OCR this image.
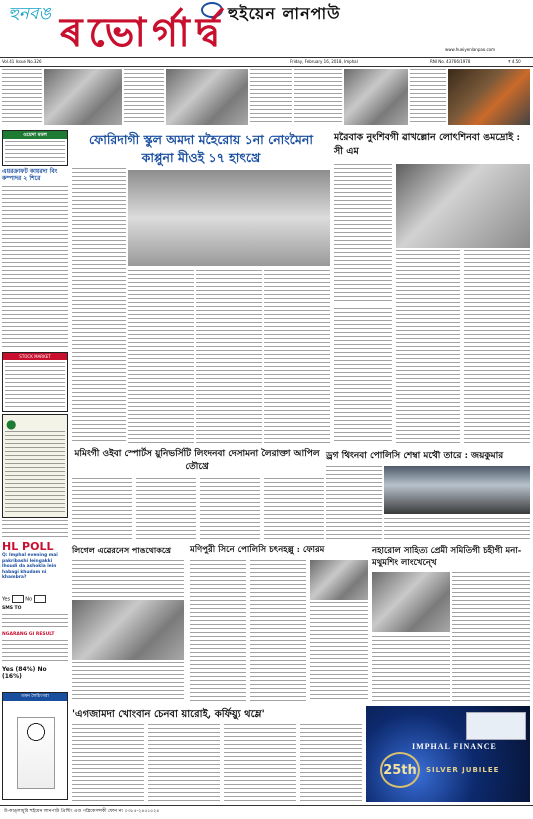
হুনবঙ	হুইয়েন লানপাউ
ৰভোৰ্গাৰ্দ্ব
Vol.41 Issue No.326	Friday, February 16, 2018, Imphal	RNI No. 43766/1978	₹ 4.50
www.hueiyenlanpao.com
ওয়েদা মমল
এয়রক্রাফট কায়রদা বিং কম্পাদর ২ শিরে
STOCK MARKET
●
HL POLL
Q: Imphal evening mai pakribashi leingakki lhoudi da ashokla lein habagi khudam ni khambra?
Yes	No
SMS TO
NGARANG GI RESULT
Yes (84%) No (16%)
তমন লৈচিংগরা
ফোরিদাগী স্কুল অমদা মহৈরোয় ১না নোংমৈনা কাপ্পুনা মীওই ১৭ হাৎখ্রে
মরৈবাক নুংশিবগী ৱাখল্লোন লোৎশিনবা ঙমদ্রোই : সী এম
মমিংগী ওইবা স্পোর্টস য়ুনিভর্সিটি লিংদনবা দেসামনা লৈরাক্তা আপিল তৌখ্রে
ড্রগ থিংনবা পোলিসি শেম্বা মথৌ তারে : জয়কুমার
লিগেল এৱেরনেস পাঙথোকখ্রে	মণিপুরী সিনে পোলিসি চৎনহল্লু : ফোরম	নহারোল সাহিত্য প্রেমী সমিতিগী চহীগী মনা-মথুমশিং লাংখেন্খে
'এগজামদা খোংবান চেনবা য়ারোই, কর্ফিয়্যু থম্লে'
IMPHAL FINANCE
25th	SILVER JUBILEE
উ-কাঙ্লামুরি হুইয়েন লানপাউ প্রিন্টিং এণ্ড পব্লিকেসন্সকী ফোন নং ০৩৮৫-২৪৫১৫২৪
